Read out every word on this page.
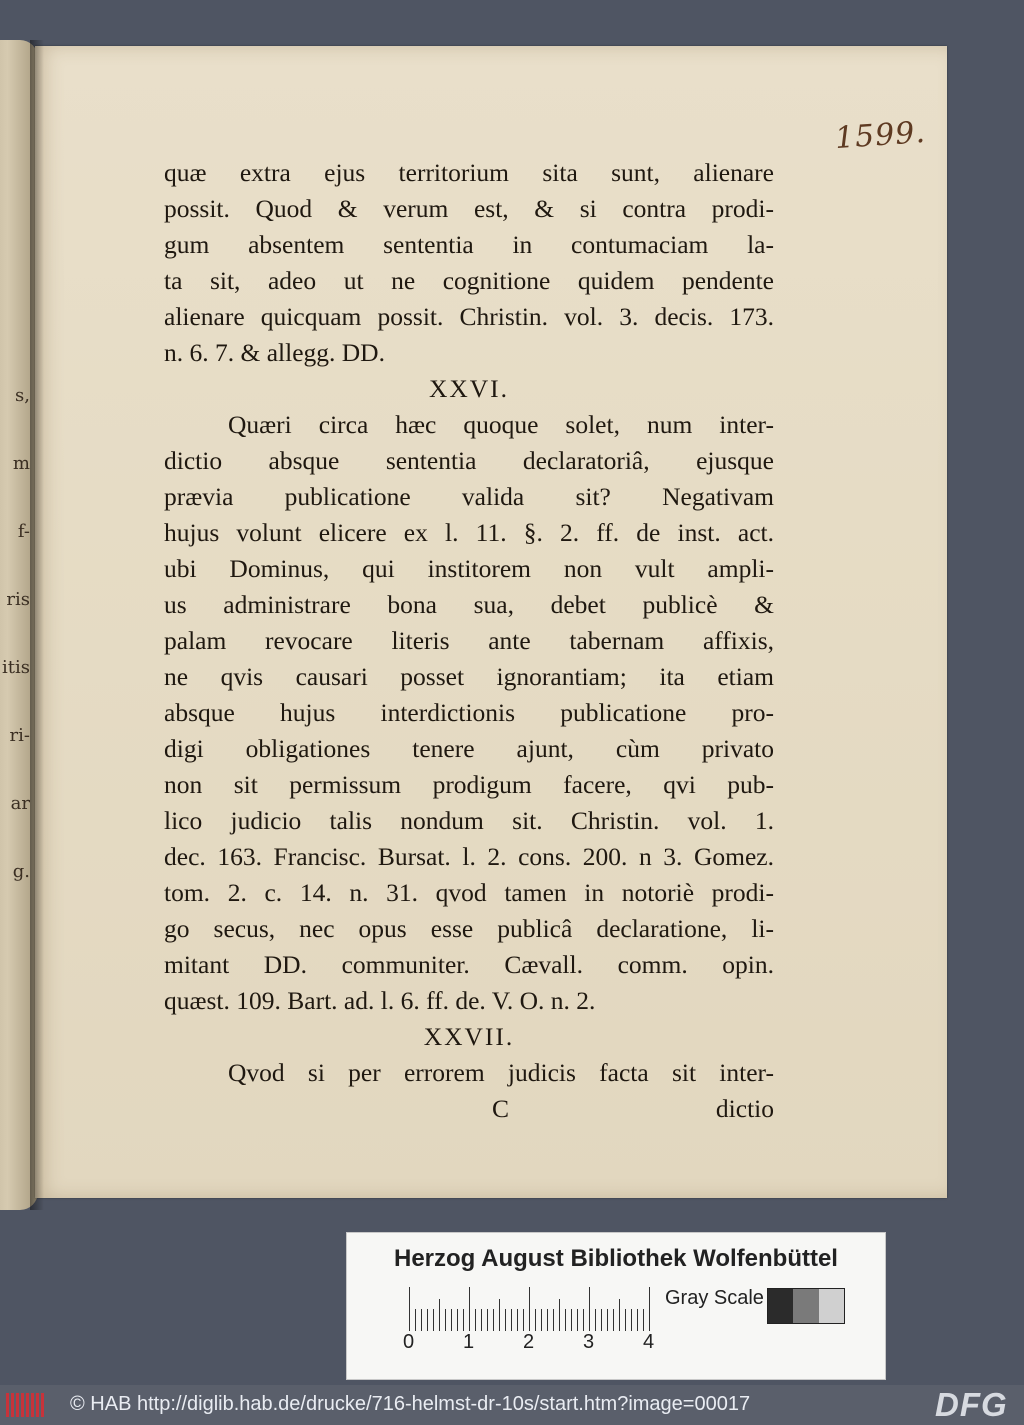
s,
m
f-
ris
itis
ri-
ar
g.
1599.
quæ extra ejus territorium sita sunt, alienare
possit. Quod & verum est, & si contra prodi-
gum absentem sententia in contumaciam la-
ta sit, adeo ut ne cognitione quidem pendente
alienare quicquam possit. Christin. vol. 3. decis. 173.
n. 6. 7. & allegg. DD.
XXVI.
Quæri circa hæc quoque solet, num inter-
dictio absque sententia declaratoriâ, ejusque
prævia publicatione valida sit? Negativam
hujus volunt elicere ex l. 11. §. 2. ff. de inst. act.
ubi Dominus, qui institorem non vult ampli-
us administrare bona sua, debet publicè &
palam revocare literis ante tabernam affixis,
ne qvis causari posset ignorantiam; ita etiam
absque hujus interdictionis publicatione pro-
digi obligationes tenere ajunt, cùm privato
non sit permissum prodigum facere, qvi pub-
lico judicio talis nondum sit. Christin. vol. 1.
dec. 163. Francisc. Bursat. l. 2. cons. 200. n 3. Gomez.
tom. 2. c. 14. n. 31. qvod tamen in notoriè prodi-
go secus, nec opus esse publicâ declaratione, li-
mitant DD. communiter. Cævall. comm. opin.
quæst. 109. Bart. ad. l. 6. ff. de. V. O. n. 2.
XXVII.
Qvod si per errorem judicis facta sit inter-
C	dictio
Herzog August Bibliothek Wolfenbüttel
0 1 2 3 4
Gray Scale
© HAB http://diglib.hab.de/drucke/716-helmst-dr-10s/start.htm?image=00017	DFG
